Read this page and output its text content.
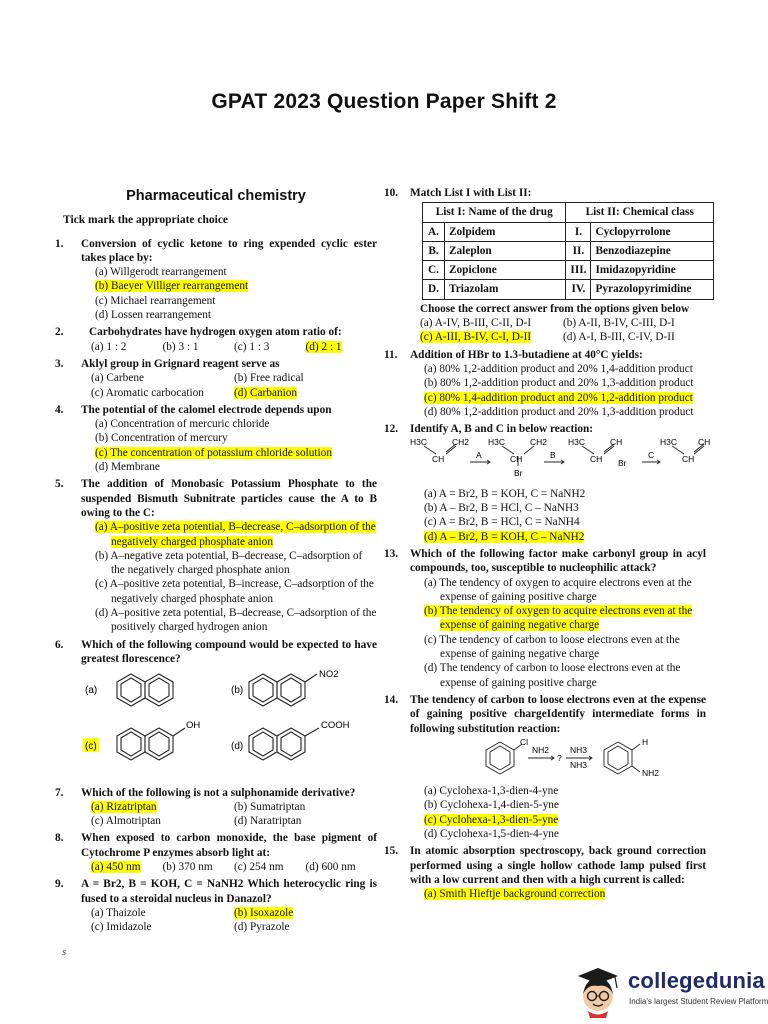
GPAT 2023 Question Paper Shift 2
Pharmaceutical chemistry
Tick mark the appropriate choice
1. Conversion of cyclic ketone to ring expended cyclic ester takes place by:
(a) Willgerodt rearrangement
(b) Baeyer Villiger rearrangement
(c) Michael rearrangement
(d) Lossen rearrangement
2.	Carbohydrates have hydrogen oxygen atom ratio of:
(a) 1 : 2	(b) 3 : 1	(c) 1 : 3	(d) 2 : 1
3. Aklyl group in Grignard reagent serve as
(a) Carbene	(b) Free radical
(c) Aromatic carbocation	(d) Carbanion
4. The potential of the calomel electrode depends upon
(a) Concentration of mercuric chloride
(b) Concentration of mercury
(c) The concentration of potassium chloride solution
(d) Membrane
5. The addition of Monobasic Potassium Phosphate to the suspended Bismuth Subnitrate particles cause the A to B owing to the C:
(a) A–positive zeta potential, B–decrease, C–adsorption of the negatively charged phosphate anion
(b) A–negative zeta potential, B–decrease, C–adsorption of the negatively charged phosphate anion
(c) A–positive zeta potential, B–increase, C–adsorption of the negatively charged phosphate anion
(d) A–positive zeta potential, B–decrease, C–adsorption of the positively charged hydrogen anion
6. Which of the following compound would be expected to have greatest florescence?
(a)	(b)
(c)	(d)
NO2
OH	COOH
7. Which of the following is not a sulphonamide derivative?
(a) Rizatriptan	(b) Sumatriptan
(c) Almotriptan	(d) Naratriptan
8. When exposed to carbon monoxide, the base pigment of Cytochrome P enzymes absorb light at:
(a) 450 nm	(b) 370 nm	(c) 254 nm	(d) 600 nm
9. A = Br2, B = KOH, C = NaNH2 Which heterocyclic ring is fused to a steroidal nucleus in Danazol?
(a) Thaizole	(b) Isoxazole
(c) Imidazole	(d) Pyrazole
10. Match List I with List II:
List I: Name of the drug		List II: Chemical class	
A.	Zolpidem	I.	Cyclopyrrolone
B.	Zaleplon	II.	Benzodiazepine
C.	Zopiclone	III.	Imidazopyridine
D.	Triazolam	IV.	Pyrazolopyrimidine
Choose the correct answer from the options given below
(a) A-IV, B-III, C-II, D-I	(b) A-II, B-IV, C-III, D-I
(c) A-III, B-IV, C-I, D-II	(d) A-I, B-III, C-IV, D-II
11. Addition of HBr to 1.3-butadiene at 40°C yields:
(a) 80% 1,2-addition product and 20% 1,4-addition product
(b) 80% 1,2-addition product and 20% 1,3-addition product
(c) 80% 1,4-addition product and 20% 1,2-addition product
(d) 80% 1,2-addition product and 20% 1,3-addition product
12. Identify A, B and C in below reaction:
H3C
CH
CH2
A
H3C
CH
CH2
Br
B
H3C
CH
CH
Br
C
H3C
CH
CH
(a) A = Br2, B = KOH, C = NaNH2
(b) A – Br2, B = HCl, C – NaNH3
(c) A = Br2, B = HCl, C = NaNH4
(d) A – Br2, B = KOH, C – NaNH2
13. Which of the following factor make carbonyl group in acyl compounds, too, susceptible to nucleophilic attack?
(a) The tendency of oxygen to acquire electrons even at the expense of gaining positive charge
(b) The tendency of oxygen to acquire electrons even at the expense of gaining negative charge
(c) The tendency of carbon to loose electrons even at the expense of gaining negative charge
(d) The tendency of carbon to loose electrons even at the expense of gaining positive charge
14. The tendency of carbon to loose electrons even at the expense of gaining positive chargeIdentify intermediate forms in following substitution reaction:
Cl
NH2
?
NH3
NH3
H
NH2
(a) Cyclohexa-1,3-dien-4-yne
(b) Cyclohexa-1,4-dien-5-yne
(c) Cyclohexa-1,3-dien-5-yne
(d) Cyclohexa-1,5-dien-4-yne
15. In atomic absorption spectroscopy, back ground correction performed using a single hollow cathode lamp pulsed first with a low current and then with a high current is called:
(a) Smith Hieftje background correction
s
collegedunia
India's largest Student Review Platform
